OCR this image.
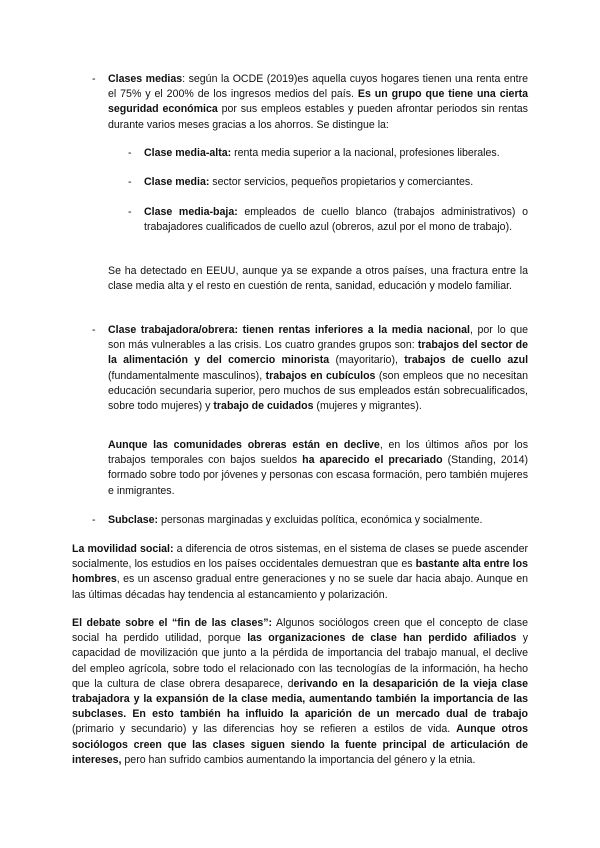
-	Clases medias: según la OCDE (2019)es aquella cuyos hogares tienen una renta entre el 75% y el 200% de los ingresos medios del país. Es un grupo que tiene una cierta seguridad económica por sus empleos estables y pueden afrontar periodos sin rentas durante varios meses gracias a los ahorros. Se distingue la:

-	Clase media-alta: renta media superior a la nacional, profesiones liberales.

-	Clase media: sector servicios, pequeños propietarios y comerciantes.

-	Clase media-baja: empleados de cuello blanco (trabajos administrativos) o trabajadores cualificados de cuello azul (obreros, azul por el mono de trabajo).

Se ha detectado en EEUU, aunque ya se expande a otros países, una fractura entre la clase media alta y el resto en cuestión de renta, sanidad, educación y modelo familiar.

-	Clase trabajadora/obrera: tienen rentas inferiores a la media nacional, por lo que son más vulnerables a las crisis. Los cuatro grandes grupos son: trabajos del sector de la alimentación y del comercio minorista (mayoritario), trabajos de cuello azul (fundamentalmente masculinos), trabajos en cubículos (son empleos que no necesitan educación secundaria superior, pero muchos de sus empleados están sobrecualificados, sobre todo mujeres) y trabajo de cuidados (mujeres y migrantes).

Aunque las comunidades obreras están en declive, en los últimos años por los trabajos temporales con bajos sueldos ha aparecido el precariado (Standing, 2014) formado sobre todo por jóvenes y personas con escasa formación, pero también mujeres e inmigrantes.

-	Subclase: personas marginadas y excluidas política, económica y socialmente.

La movilidad social: a diferencia de otros sistemas, en el sistema de clases se puede ascender socialmente, los estudios en los países occidentales demuestran que es bastante alta entre los hombres, es un ascenso gradual entre generaciones y no se suele dar hacia abajo. Aunque en las últimas décadas hay tendencia al estancamiento y polarización.

El debate sobre el “fin de las clases”: Algunos sociólogos creen que el concepto de clase social ha perdido utilidad, porque las organizaciones de clase han perdido afiliados y capacidad de movilización que junto a la pérdida de importancia del trabajo manual, el declive del empleo agrícola, sobre todo el relacionado con las tecnologías de la información, ha hecho que la cultura de clase obrera desaparece, derivando en la desaparición de la vieja clase trabajadora y la expansión de la clase media, aumentando también la importancia de las subclases. En esto también ha influido la aparición de un mercado dual de trabajo (primario y secundario) y las diferencias hoy se refieren a estilos de vida. Aunque otros sociólogos creen que las clases siguen siendo la fuente principal de articulación de intereses, pero han sufrido cambios aumentando la importancia del género y la etnia.
